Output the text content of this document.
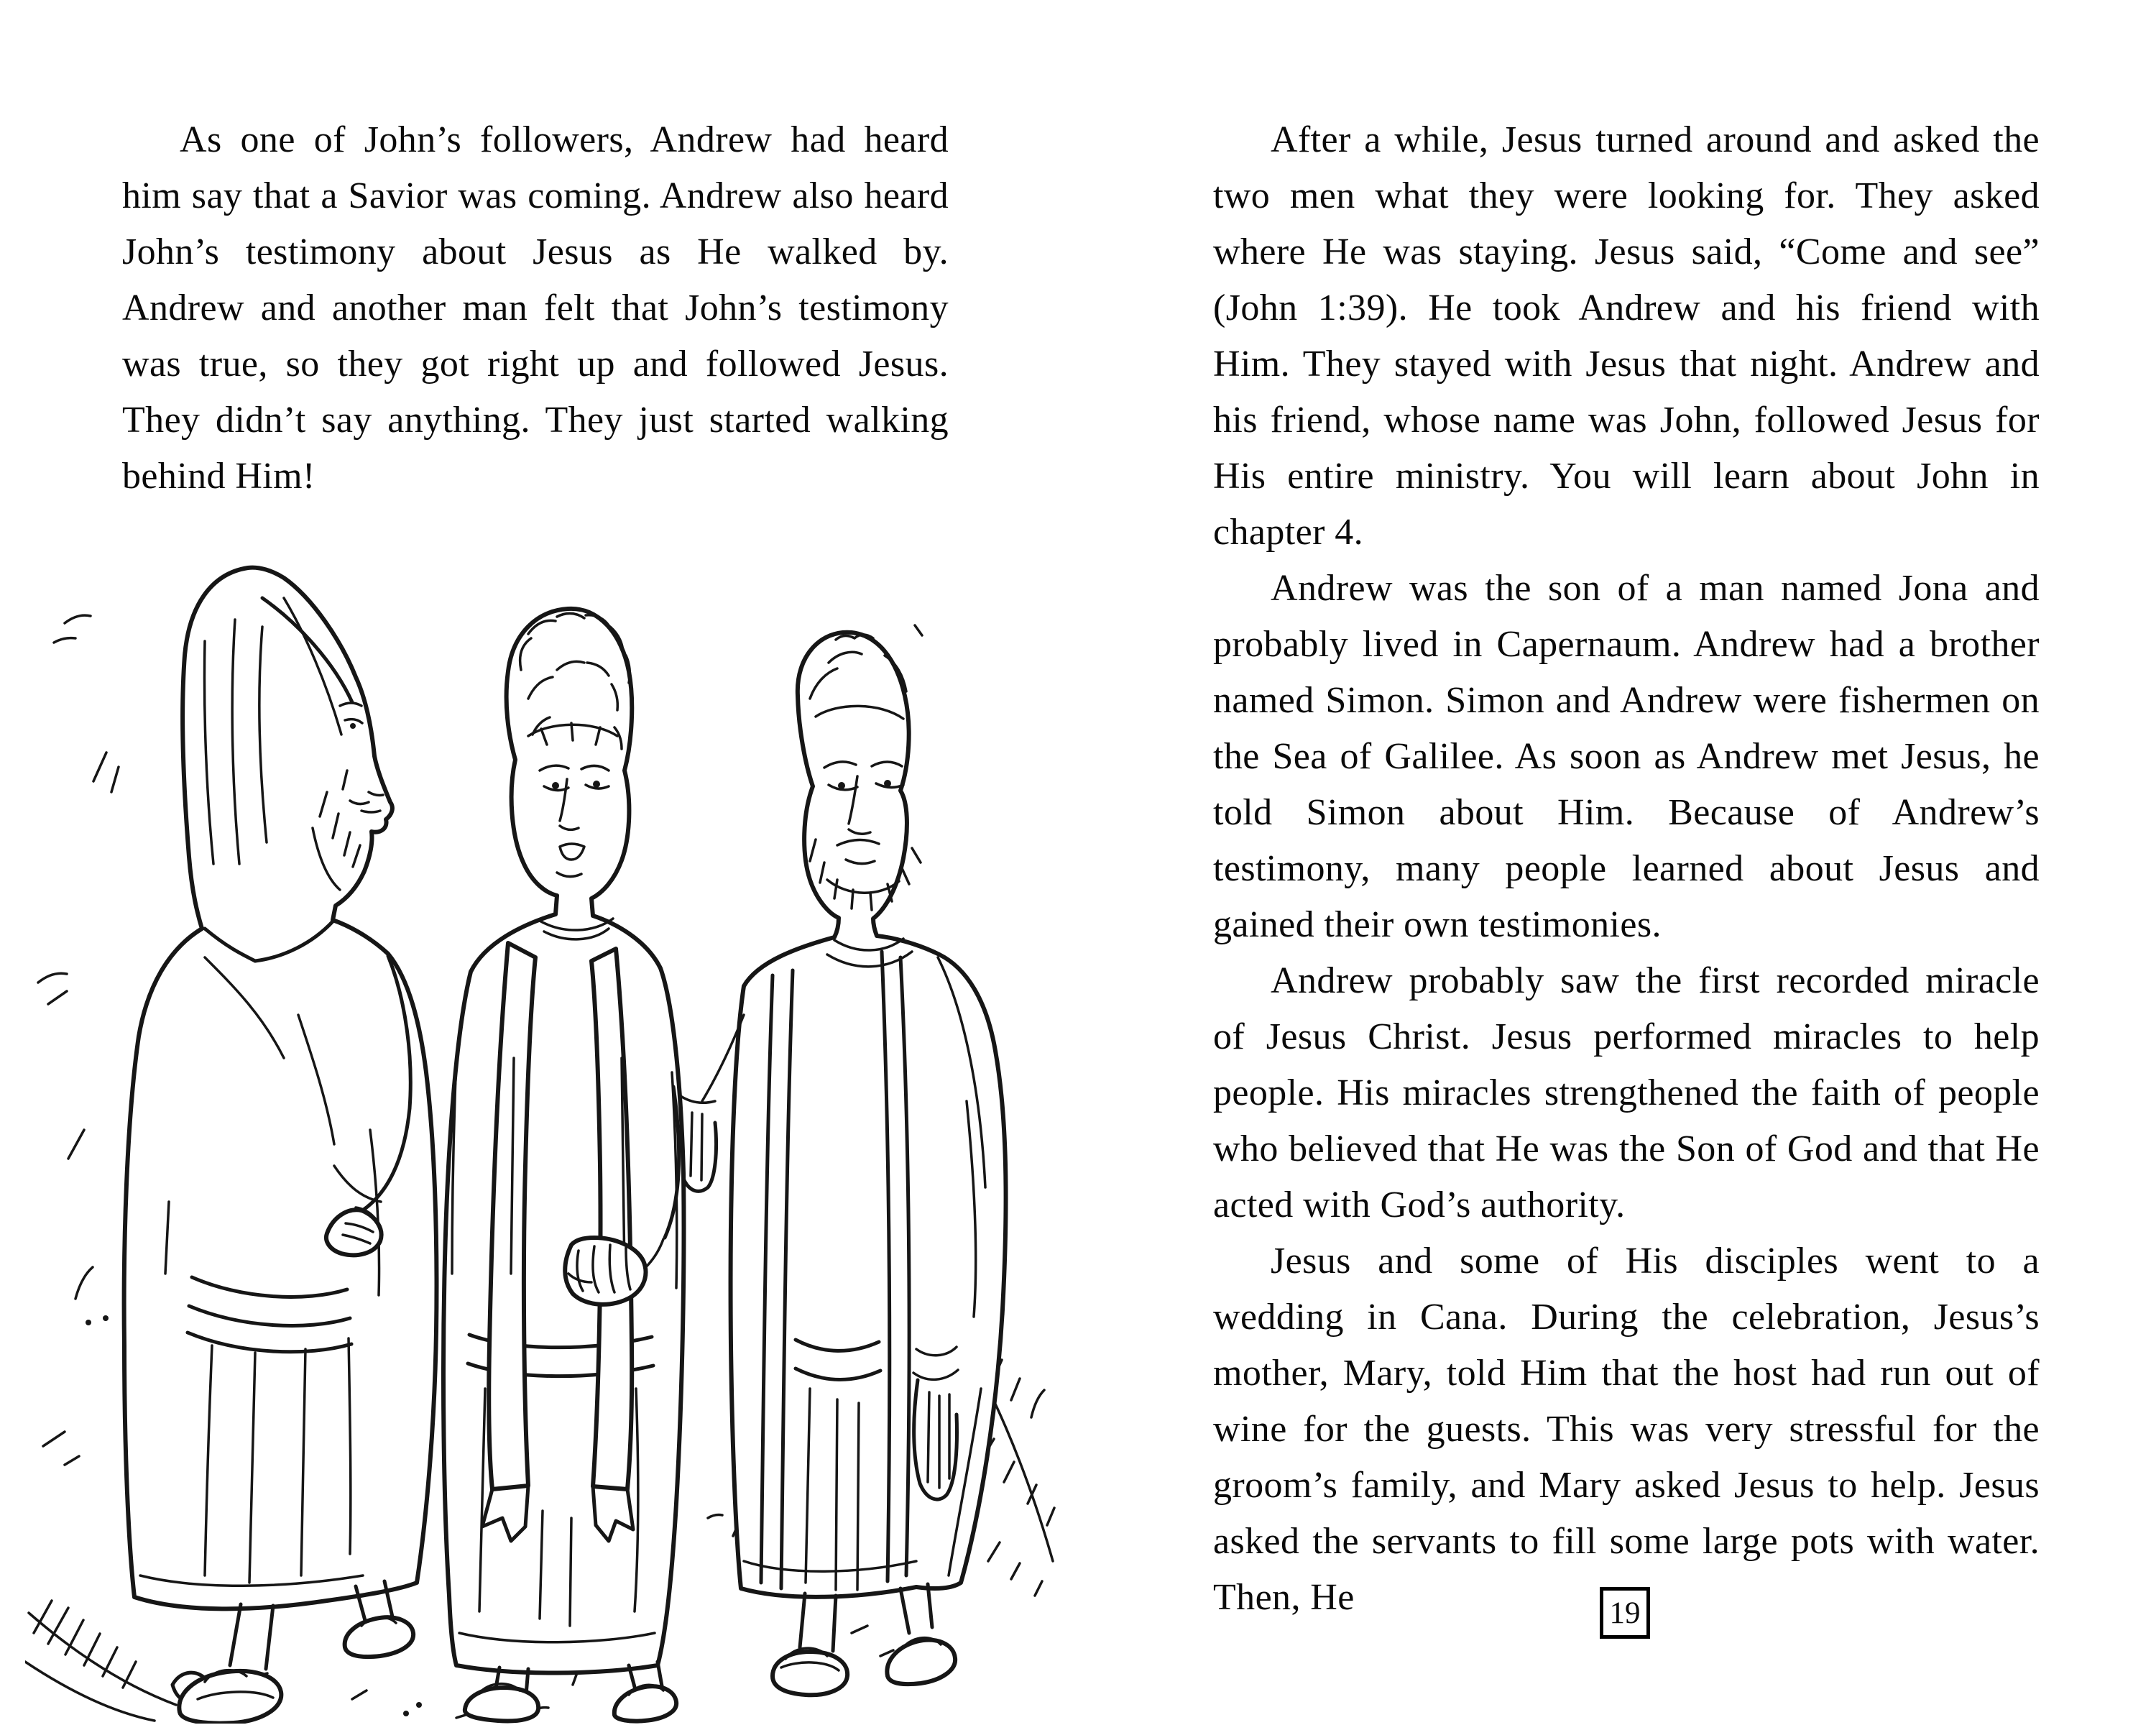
As one of John’s followers, Andrew had heard him say that a Savior was coming. Andrew also heard John’s testimony about Jesus as He walked by. Andrew and another man felt that John’s testimony was true, so they got right up and followed Jesus. They didn’t say anything. They just started walking behind Him!

After a while, Jesus turned around and asked the two men what they were looking for. They asked where He was staying. Jesus said, “Come and see” (John 1:39). He took Andrew and his friend with Him. They stayed with Jesus that night. Andrew and his friend, whose name was John, followed Jesus for His entire ministry. You will learn about John in chapter 4.

Andrew was the son of a man named Jona and probably lived in Capernaum. Andrew had a brother named Simon. Simon and Andrew were fishermen on the Sea of Galilee. As soon as Andrew met Jesus, he told Simon about Him. Because of Andrew’s testimony, many people learned about Jesus and gained their own testimonies.

Andrew probably saw the first recorded miracle of Jesus Christ. Jesus performed miracles to help people. His miracles strengthened the faith of people who believed that He was the Son of God and that He acted with God’s authority.

Jesus and some of His disciples went to a wedding in Cana. During the celebration, Jesus’s mother, Mary, told Him that the host had run out of wine for the guests. This was very stressful for the groom’s family, and Mary asked Jesus to help. Jesus asked the servants to fill some large pots with water. Then, He	19
